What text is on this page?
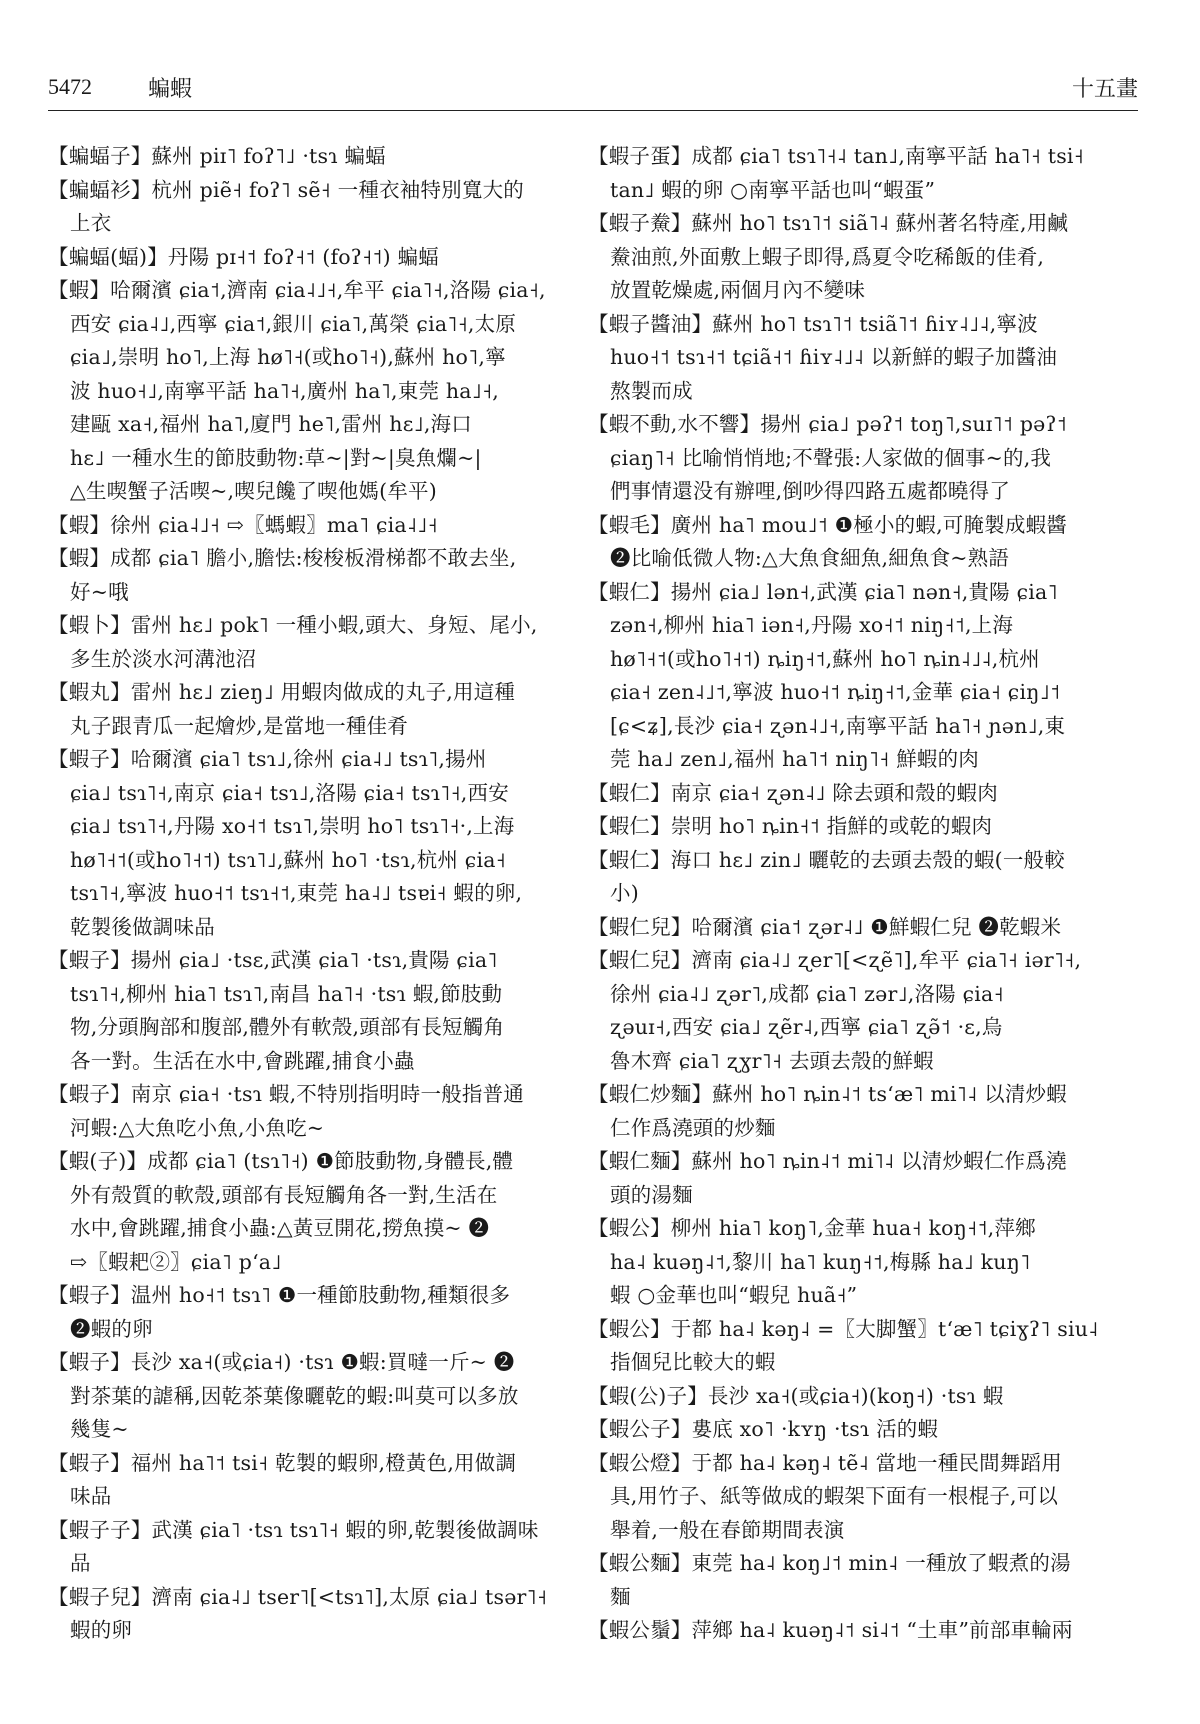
5472	蝙蝦	十五畫
【蝙蝠子】蘇州 piɪ˥ foʔ˥˩ ·tsɿ 蝙蝠
【蝙蝠衫】杭州 piẽ˧ foʔ˥ sẽ˧ 一種衣袖特別寬大的
上衣
【蝙蝠(蝠)】丹陽 pɪ˧˦ foʔ˧˦ (foʔ˧˦) 蝙蝠
【蝦】哈爾濱 ɕia˦,濟南 ɕia˨˩˧,牟平 ɕia˥˧,洛陽 ɕia˧,
西安 ɕia˨˩,西寧 ɕia˦,銀川 ɕia˥,萬榮 ɕia˥˧,太原
ɕia˩,崇明 ho˥,上海 hø˥˧(或ho˥˧),蘇州 ho˥,寧
波 huo˧˩,南寧平話 ha˥˧,廣州 ha˥,東莞 ha˩˧,
建甌 xa˧,福州 ha˥,廈門 he˥,雷州 hɛ˩,海口
hɛ˩ 一種水生的節肢動物:草~|對~|臭魚爛~|
△生喫蟹子活喫~,喫兒饞了喫他媽(牟平)
【蝦】徐州 ɕia˨˩˧ ⇨〖螞蝦〗ma˥ ɕia˨˩˧
【蝦】成都 ɕia˥ 膽小,膽怯:梭梭板滑梯都不敢去坐,
好~哦
【蝦卜】雷州 hɛ˩ pok˥ 一種小蝦,頭大、身短、尾小,
多生於淡水河溝池沼
【蝦丸】雷州 hɛ˩ zieŋ˩ 用蝦肉做成的丸子,用這種
丸子跟青瓜一起燴炒,是當地一種佳肴
【蝦子】哈爾濱 ɕia˥ tsɿ˩,徐州 ɕia˨˩ tsɿ˥,揚州
ɕia˩ tsɿ˥˧,南京 ɕia˧ tsɿ˩,洛陽 ɕia˧ tsɿ˥˧,西安
ɕia˩ tsɿ˥˧,丹陽 xo˧˦ tsɿ˥,崇明 ho˥ tsɿ˥˧·,上海
hø˥˧˦(或ho˥˧˦) tsɿ˥˩,蘇州 ho˥ ·tsɿ,杭州 ɕia˧
tsɿ˥˧,寧波 huo˧˦ tsɿ˧˦,東莞 ha˨˩ tsɐi˧ 蝦的卵,
乾製後做調味品
【蝦子】揚州 ɕia˩ ·tsɛ,武漢 ɕia˥ ·tsɿ,貴陽 ɕia˥
tsɿ˥˧,柳州 hia˥ tsɿ˥,南昌 ha˥˧ ·tsɿ 蝦,節肢動
物,分頭胸部和腹部,體外有軟殼,頭部有長短觸角
各一對。生活在水中,會跳躍,捕食小蟲
【蝦子】南京 ɕia˧ ·tsɿ 蝦,不特別指明時一般指普通
河蝦:△大魚吃小魚,小魚吃~
【蝦(子)】成都 ɕia˥ (tsɿ˥˧) ❶節肢動物,身體長,體
外有殼質的軟殼,頭部有長短觸角各一對,生活在
水中,會跳躍,捕食小蟲:△黃豆開花,撈魚摸~ ❷
⇨〖蝦耙②〗ɕia˥ pʻa˩
【蝦子】温州 ho˧˦ tsɿ˥ ❶一種節肢動物,種類很多
❷蝦的卵
【蝦子】長沙 xa˧(或ɕia˧) ·tsɿ ❶蝦:買噠一斤~ ❷
對茶葉的謔稱,因乾茶葉像曬乾的蝦:叫莫可以多放
幾隻~
【蝦子】福州 ha˥˦ tsi˧ 乾製的蝦卵,橙黃色,用做調
味品
【蝦子子】武漢 ɕia˥ ·tsɿ tsɿ˥˧ 蝦的卵,乾製後做調味
品
【蝦子兒】濟南 ɕia˨˩ tser˥[<tsɿ˥],太原 ɕia˩ tsər˥˧
蝦的卵
【蝦子蛋】成都 ɕia˥ tsɿ˥˧˨ tan˩,南寧平話 ha˥˧ tsi˧
tan˩ 蝦的卵 ○南寧平話也叫“蝦蛋”
【蝦子鮝】蘇州 ho˥ tsɿ˥˦ siã˥˨ 蘇州著名特產,用鹹
鮝油煎,外面敷上蝦子即得,爲夏令吃稀飯的佳肴,
放置乾燥處,兩個月內不變味
【蝦子醬油】蘇州 ho˥ tsɿ˥˦ tsiã˥˦ ɦiʏ˨˩˨,寧波
huo˧˦ tsɿ˧˦ tɕiã˧˦ ɦiʏ˨˩˨ 以新鮮的蝦子加醬油
熬製而成
【蝦不動,水不響】揚州 ɕia˩ pəʔ˦ toŋ˥,suɪ˥˦ pəʔ˦
ɕiaŋ˥˧ 比喻悄悄地;不聲張:人家做的個事~的,我
們事情還没有辦哩,倒吵得四路五處都曉得了
【蝦毛】廣州 ha˥ mou˩˦ ❶極小的蝦,可腌製成蝦醬
❷比喻低微人物:△大魚食細魚,細魚食~熟語
【蝦仁】揚州 ɕia˩ lən˧,武漢 ɕia˥ nən˧,貴陽 ɕia˥
zən˧,柳州 hia˥ iən˧,丹陽 xo˧˦ niŋ˧˦,上海
hø˥˧˦(或ho˥˧˦) ȵiŋ˧˦,蘇州 ho˥ ȵin˨˩˨,杭州
ɕia˧ zen˨˩˦,寧波 huo˧˦ ȵiŋ˧˦,金華 ɕia˧ ɕiŋ˩˦
[ɕ<ʑ],長沙 ɕia˧ ʐən˨˩˧,南寧平話 ha˥˧ ɲən˩,東
莞 ha˩ zen˩,福州 ha˥˦ niŋ˥˧ 鮮蝦的肉
【蝦仁】南京 ɕia˧ ʐən˨˩ 除去頭和殼的蝦肉
【蝦仁】崇明 ho˥ ȵin˧˦ 指鮮的或乾的蝦肉
【蝦仁】海口 hɛ˩ zin˩ 曬乾的去頭去殼的蝦(一般較
小)
【蝦仁兒】哈爾濱 ɕia˦ ʐər˨˩ ❶鮮蝦仁兒 ❷乾蝦米
【蝦仁兒】濟南 ɕia˨˩ ʐer˥[<ʐẽ˥],牟平 ɕia˥˧ iər˥˧,
徐州 ɕia˨˩ ʐər˥,成都 ɕia˥ zər˩,洛陽 ɕia˧
ʐəuɪ˧,西安 ɕia˩ ʐẽr˨,西寧 ɕia˥ ʐə̃˦ ·ɛ,烏
魯木齊 ɕia˥ ʐɣr˥˧ 去頭去殼的鮮蝦
【蝦仁炒麵】蘇州 ho˥ ȵin˨˦ tsʻæ˥ mi˥˨ 以清炒蝦
仁作爲澆頭的炒麵
【蝦仁麵】蘇州 ho˥ ȵin˨˦ mi˥˨ 以清炒蝦仁作爲澆
頭的湯麵
【蝦公】柳州 hia˥ koŋ˥,金華 hua˧ koŋ˧˦,萍鄉
ha˨ kuəŋ˨˦,黎川 ha˥ kuŋ˧˦,梅縣 ha˩ kuŋ˥
蝦 ○金華也叫“蝦兒 huã˧”
【蝦公】于都 ha˨ kəŋ˨ =〖大脚蟹〗tʻæ˥ tɕiɣʔ˥ siu˨
指個兒比較大的蝦
【蝦(公)子】長沙 xa˧(或ɕia˧)(koŋ˧) ·tsɿ 蝦
【蝦公子】婁底 xo˥ ·kʏŋ ·tsɿ 活的蝦
【蝦公燈】于都 ha˨ kəŋ˨ tẽ˨ 當地一種民間舞蹈用
具,用竹子、紙等做成的蝦架下面有一根棍子,可以
舉着,一般在春節期間表演
【蝦公麵】東莞 ha˨ koŋ˩˦ min˨ 一種放了蝦煮的湯
麵
【蝦公鬚】萍鄉 ha˨ kuəŋ˨˦ si˨˦ “土車”前部車輪兩
